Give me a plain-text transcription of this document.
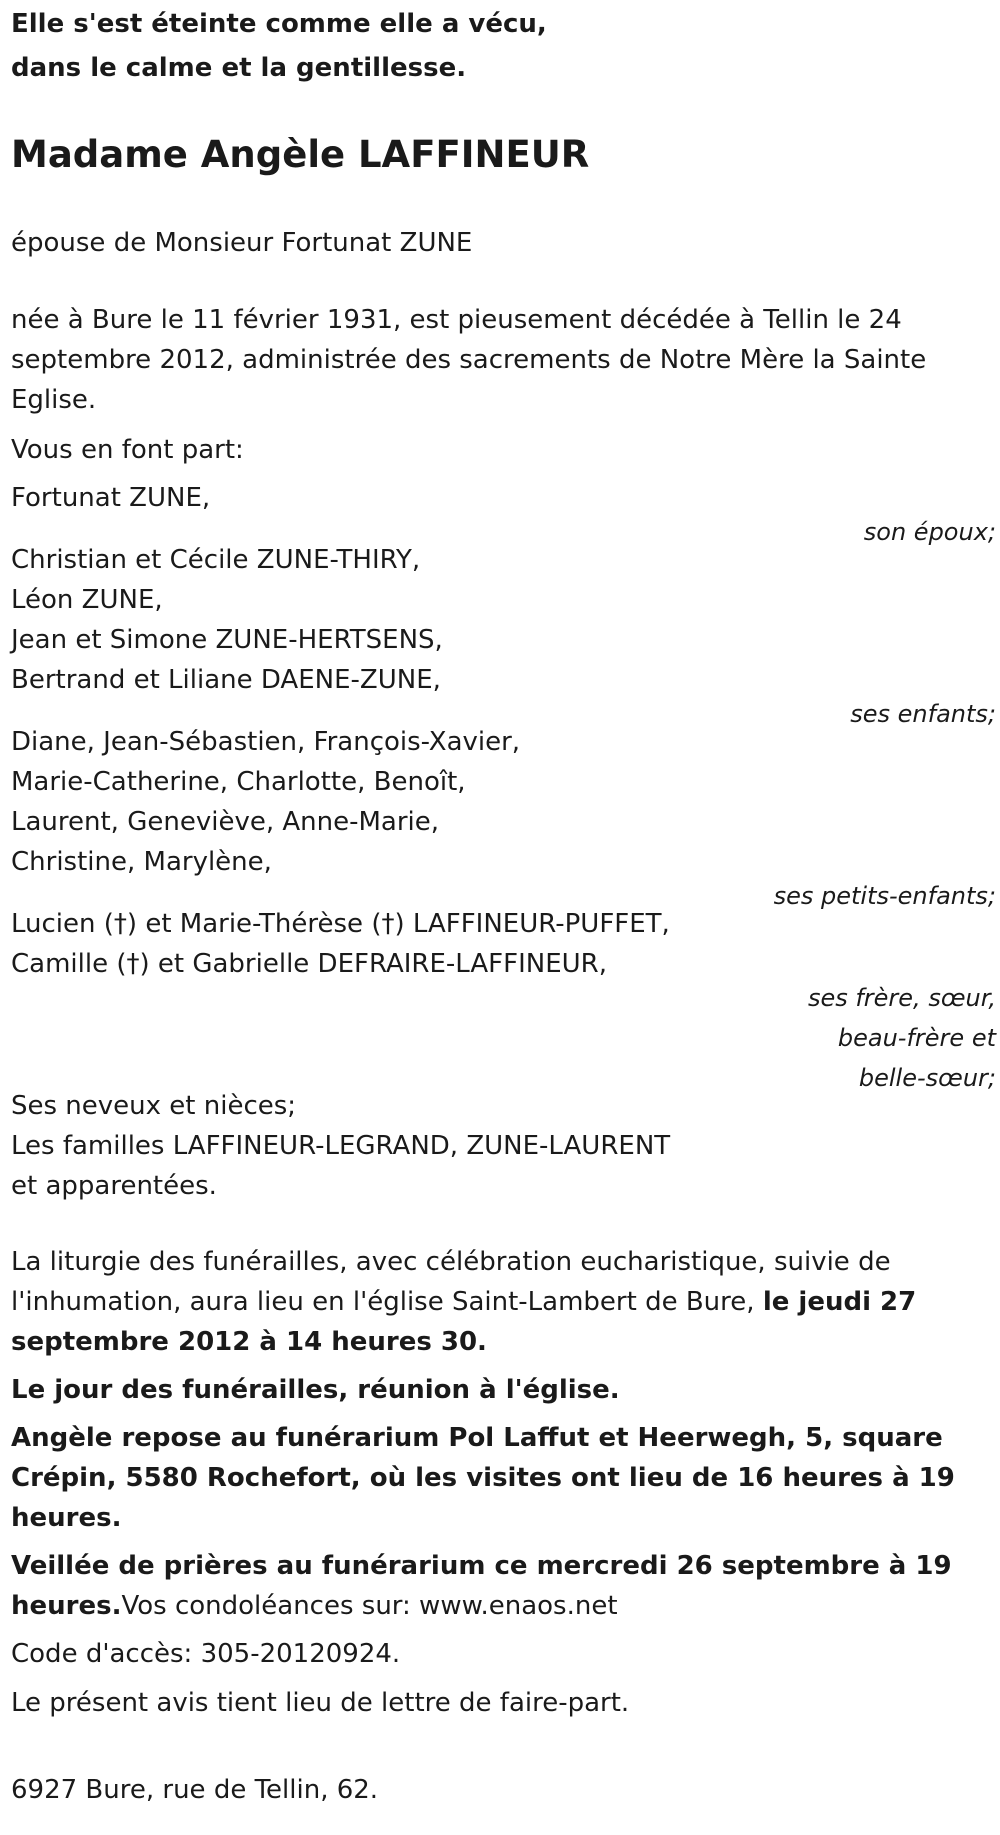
Elle s'est éteinte comme elle a vécu,

dans le calme et la gentillesse.

Madame Angèle LAFFINEUR

épouse de Monsieur Fortunat ZUNE

née à Bure le 11 février 1931, est pieusement décédée à Tellin le 24

septembre 2012, administrée des sacrements de Notre Mère la Sainte

Eglise.

Vous en font part:

Fortunat ZUNE,

son époux;

Christian et Cécile ZUNE-THIRY,

Léon ZUNE,

Jean et Simone ZUNE-HERTSENS,

Bertrand et Liliane DAENE-ZUNE,

ses enfants;

Diane, Jean-Sébastien, François-Xavier,

Marie-Catherine, Charlotte, Benoît,

Laurent, Geneviève, Anne-Marie,

Christine, Marylène,

ses petits-enfants;

Lucien (†) et Marie-Thérèse (†) LAFFINEUR-PUFFET,

Camille (†) et Gabrielle DEFRAIRE-LAFFINEUR,

ses frère, sœur,
beau-frère et
belle-sœur;

Ses neveux et nièces;

Les familles LAFFINEUR-LEGRAND, ZUNE-LAURENT

et apparentées.

La liturgie des funérailles, avec célébration eucharistique, suivie de

l'inhumation, aura lieu en l'église Saint-Lambert de Bure, le jeudi 27

septembre 2012 à 14 heures 30.

Le jour des funérailles, réunion à l'église.

Angèle repose au funérarium Pol Laffut et Heerwegh, 5, square

Crépin, 5580 Rochefort, où les visites ont lieu de 16 heures à 19

heures.

Veillée de prières au funérarium ce mercredi 26 septembre à 19

heures.Vos condoléances sur: www.enaos.net

Code d'accès: 305-20120924.

Le présent avis tient lieu de lettre de faire-part.

6927 Bure, rue de Tellin, 62.
